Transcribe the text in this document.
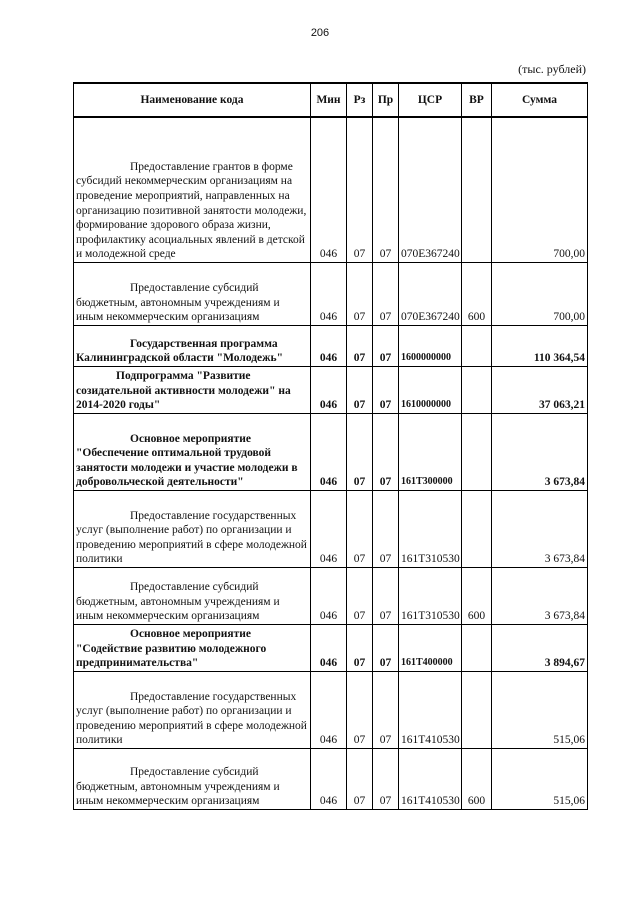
206
(тыс. рублей)
Наименование кода	Мин	Рз	Пр	ЦСР	ВР	Сумма

Предоставление грантов в форме субсидий некоммерческим организациям на проведение мероприятий, направленных на организацию позитивной занятости молодежи, формирование здорового образа жизни, профилактику асоциальных явлений в детской и молодежной среде	046	07	07	070E367240		700,00

Предоставление субсидий бюджетным, автономным учреждениям и иным некоммерческим организациям	046	07	07	070E367240	600	700,00

Государственная программа Калининградской области "Молодежь"	046	07	07	1600000000		110 364,54

Подпрограмма "Развитие созидательной активности молодежи" на 2014-2020 годы"	046	07	07	1610000000		37 063,21

Основное мероприятие "Обеспечение оптимальной трудовой занятости молодежи и участие молодежи в добровольческой деятельности"	046	07	07	161Т300000		3 673,84

Предоставление государственных услуг (выполнение работ) по организации и проведению мероприятий в сфере молодежной политики	046	07	07	161Т310530		3 673,84

Предоставление субсидий бюджетным, автономным учреждениям и иным некоммерческим организациям	046	07	07	161Т310530	600	3 673,84

Основное мероприятие "Содействие развитию молодежного предпринимательства"	046	07	07	161Т400000		3 894,67

Предоставление государственных услуг (выполнение работ) по организации и проведению мероприятий в сфере молодежной политики	046	07	07	161Т410530		515,06

Предоставление субсидий бюджетным, автономным учреждениям и иным некоммерческим организациям	046	07	07	161Т410530	600	515,06
